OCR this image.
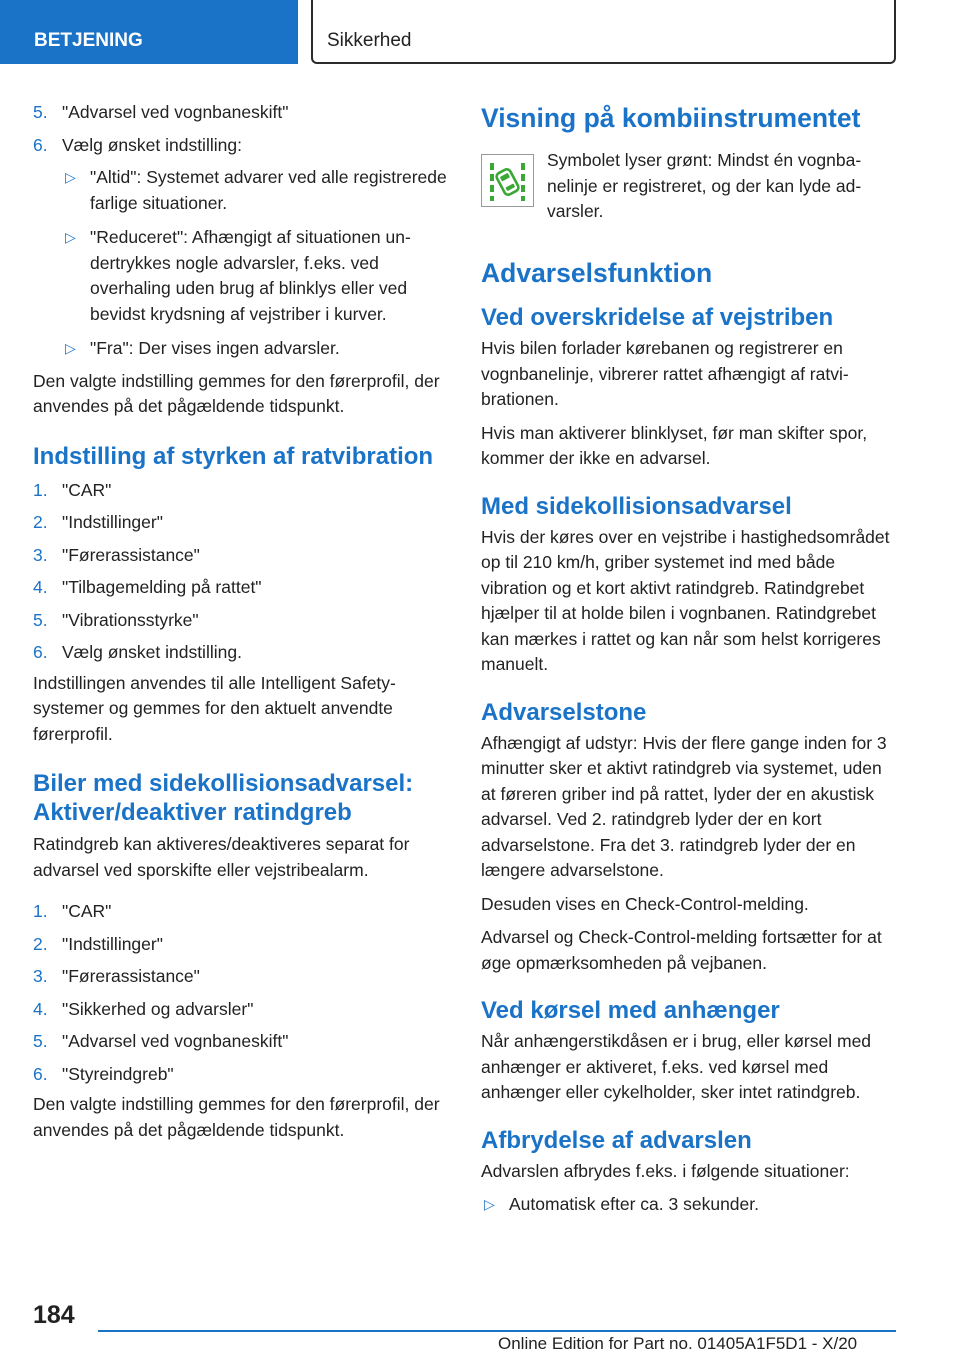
BETJENING	Sikkerhed
5. "Advarsel ved vognbaneskift"
6. Vælg ønsket indstilling:
▷ "Altid": Systemet advarer ved alle registrerede farlige situationer.
▷ "Reduceret": Afhængigt af situationen undertrykkes nogle advarsler, f.eks. ved overhaling uden brug af blinklys eller ved bevidst krydsning af vejstriber i kurver.
▷ "Fra": Der vises ingen advarsler.

Den valgte indstilling gemmes for den førerprofil, der anvendes på det pågældende tidspunkt.

Indstilling af styrken af ratvibration
1. "CAR"
2. "Indstillinger"
3. "Førerassistance"
4. "Tilbagemelding på rattet"
5. "Vibrationsstyrke"
6. Vælg ønsket indstilling.

Indstillingen anvendes til alle Intelligent Safety-systemer og gemmes for den aktuelt anvendte førerprofil.

Biler med sidekollisionsadvarsel: Aktiver/deaktiver ratindgreb

Ratindgreb kan aktiveres/deaktiveres separat for advarsel ved sporskifte eller vejstribealarm.

1. "CAR"
2. "Indstillinger"
3. "Førerassistance"
4. "Sikkerhed og advarsler"
5. "Advarsel ved vognbaneskift"
6. "Styreindgreb"

Den valgte indstilling gemmes for den førerprofil, der anvendes på det pågældende tidspunkt.

Visning på kombiinstrumentet

Symbolet lyser grønt: Mindst én vognbanelinje er registreret, og der kan lyde advarsler.

Advarselsfunktion
Ved overskridelse af vejstriben

Hvis bilen forlader kørebanen og registrerer en vognbanelinje, vibrerer rattet afhængigt af ratvibrationen.

Hvis man aktiverer blinklyset, før man skifter spor, kommer der ikke en advarsel.

Med sidekollisionsadvarsel

Hvis der køres over en vejstribe i hastighedsområdet op til 210 km/h, griber systemet ind med både vibration og et kort aktivt ratindgreb. Ratindgrebet hjælper til at holde bilen i vognbanen. Ratindgrebet kan mærkes i rattet og kan når som helst korrigeres manuelt.

Advarselstone

Afhængigt af udstyr: Hvis der flere gange inden for 3 minutter sker et aktivt ratindgreb via systemet, uden at føreren griber ind på rattet, lyder der en akustisk advarsel. Ved 2. ratindgreb lyder der en kort advarselstone. Fra det 3. ratindgreb lyder der en længere advarselstone.

Desuden vises en Check-Control-melding.

Advarsel og Check-Control-melding fortsætter for at øge opmærksomheden på vejbanen.

Ved kørsel med anhænger

Når anhængerstikdåsen er i brug, eller kørsel med anhænger er aktiveret, f.eks. ved kørsel med anhænger eller cykelholder, sker intet ratindgreb.

Afbrydelse af advarslen

Advarslen afbrydes f.eks. i følgende situationer:

▷ Automatisk efter ca. 3 sekunder.
184
Online Edition for Part no. 01405A1F5D1 - X/20
